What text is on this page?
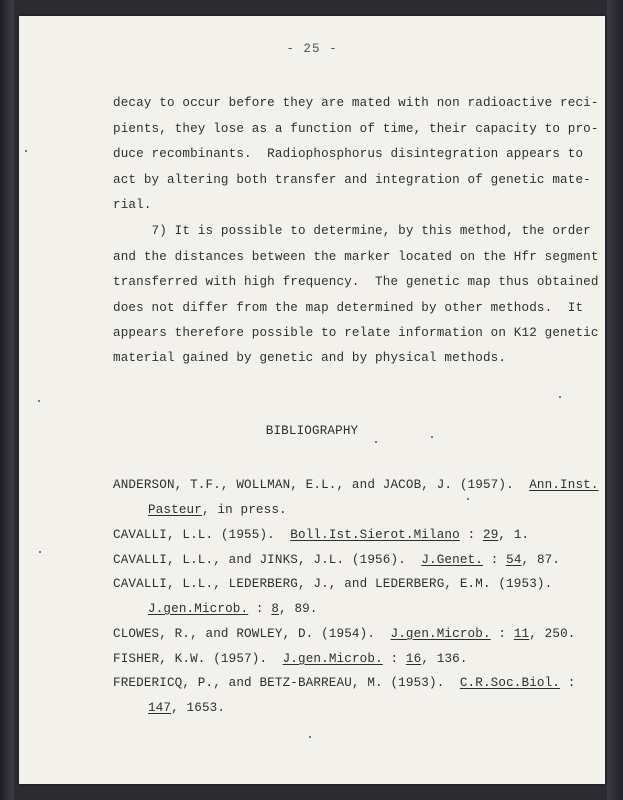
- 25 -
decay to occur before they are mated with non radioactive reci-
pients, they lose as a function of time, their capacity to pro-
duce recombinants.  Radiophosphorus disintegration appears to
act by altering both transfer and integration of genetic mate-
rial.
7) It is possible to determine, by this method, the order
and the distances between the marker located on the Hfr segment
transferred with high frequency.  The genetic map thus obtained
does not differ from the map determined by other methods.  It
appears therefore possible to relate information on K12 genetic
material gained by genetic and by physical methods.
BIBLIOGRAPHY
ANDERSON, T.F., WOLLMAN, E.L., and JACOB, J. (1957). Ann.Inst.
Pasteur, in press.
CAVALLI, L.L. (1955). Boll.Ist.Sierot.Milano : 29, 1.
CAVALLI, L.L., and JINKS, J.L. (1956). J.Genet. : 54, 87.
CAVALLI, L.L., LEDERBERG, J., and LEDERBERG, E.M. (1953).
J.gen.Microb. : 8, 89.
CLOWES, R., and ROWLEY, D. (1954). J.gen.Microb. : 11, 250.
FISHER, K.W. (1957). J.gen.Microb. : 16, 136.
FREDERICQ, P., and BETZ-BARREAU, M. (1953). C.R.Soc.Biol. :
147, 1653.
